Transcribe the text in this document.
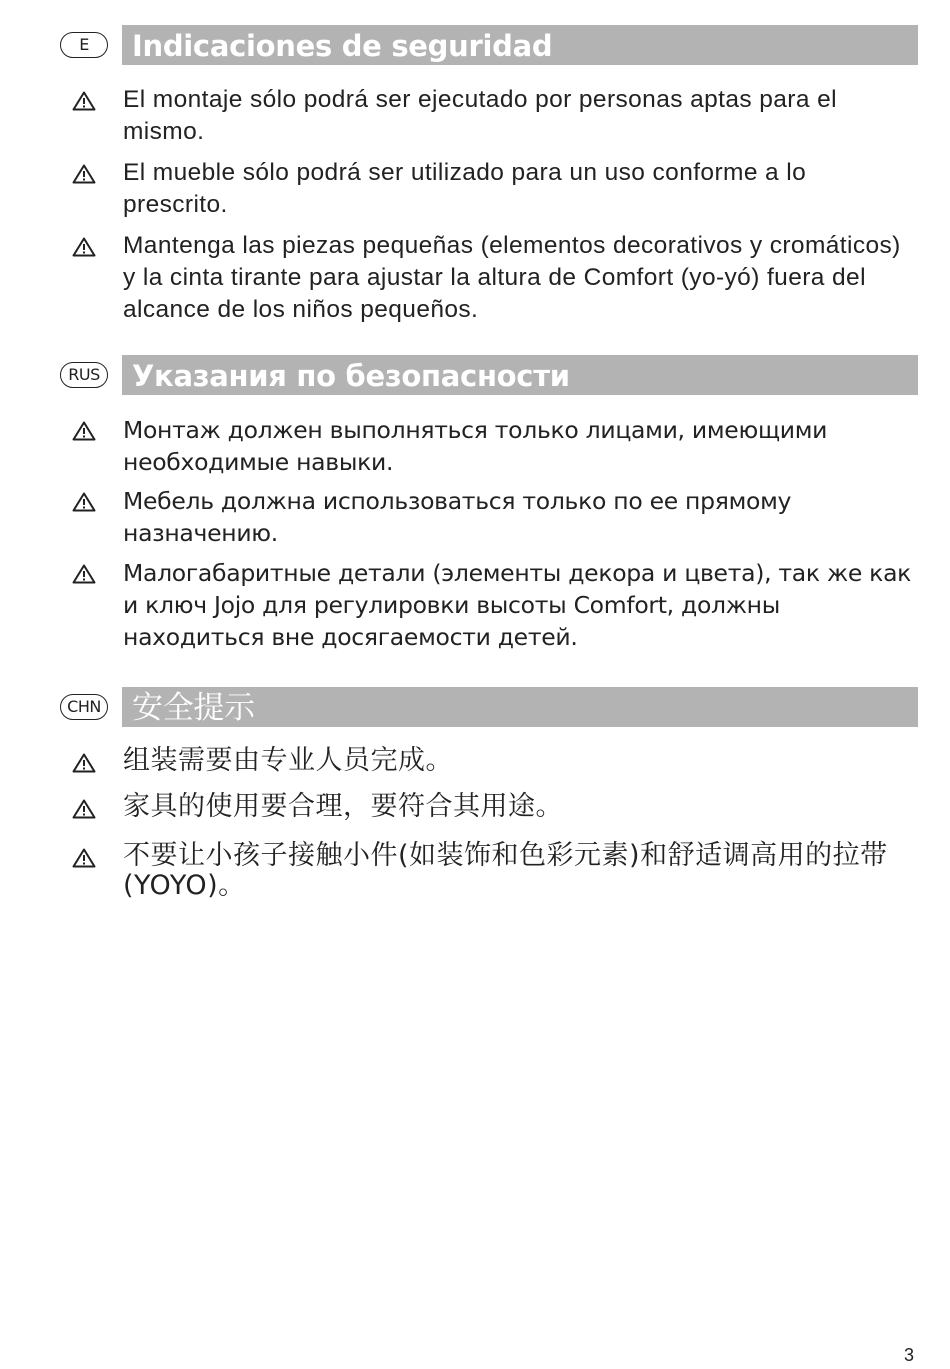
E	Indicaciones de seguridad
El montaje sólo podrá ser ejecutado por personas aptas para el mismo.
El mueble sólo podrá ser utilizado para un uso conforme a lo prescrito.
Mantenga las piezas pequeñas (elementos decorativos y cromáticos) y la cinta tirante para ajustar la altura de Comfort (yo-yó) fuera del alcance de los niños pequeños.
RUS Указания по безопасности
Монтаж должен выполняться только лицами, имеющими необходимые навыки.
Мебель должна использоваться только по ее прямому назначению.
Малогабаритные детали (элементы декора и цвета), так же как и ключ Jojo для регулировки высоты Comfort, должны находиться вне досягаемости детей.
CHN 安全提示
组装需要由专业人员完成。
家具的使用要合理，要符合其用途。
不要让小孩子接触小件(如装饰和色彩元素)和舒适调高用的拉带(YOYO)。
3
